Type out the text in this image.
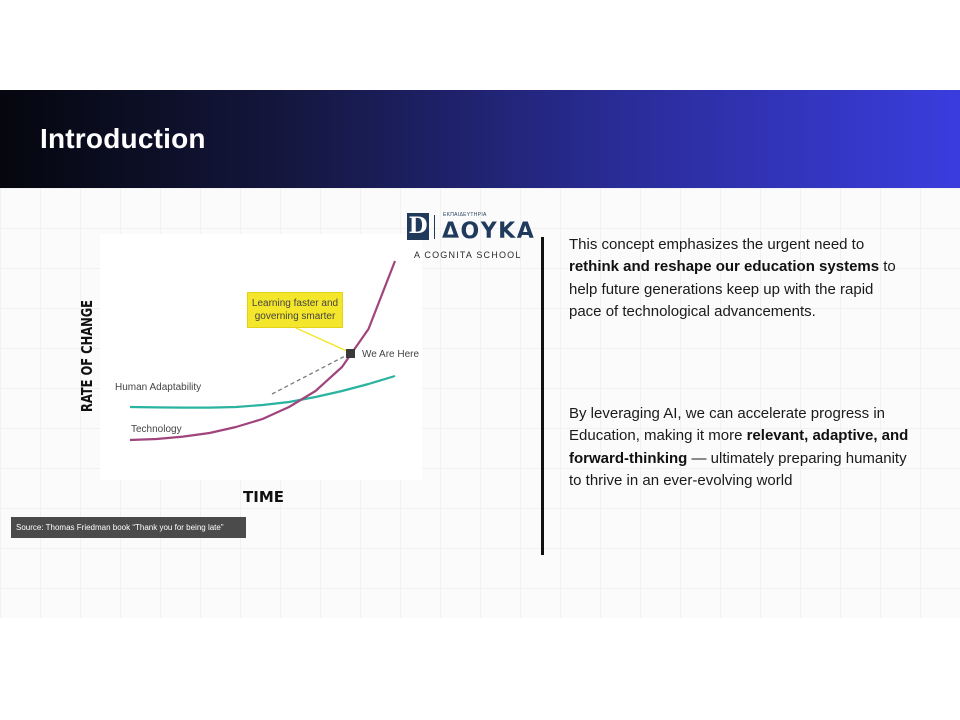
Introduction
RATE OF CHANGE
TIME
We Are Here
Human Adaptability
Technology
Learning faster and governing smarter
D	ΕΚΠΑΙΔΕΥΤΗΡΙΑ
ΔΟΥΚΑ
A COGNITA SCHOOL
Source: Thomas Friedman book “Thank you for being late”
This concept emphasizes the urgent need to rethink and reshape our education systems to help future generations keep up with the rapid pace of technological advancements.
By leveraging AI, we can accelerate progress in Education, making it more relevant, adaptive, and forward-thinking — ultimately preparing humanity to thrive in an ever-evolving world
